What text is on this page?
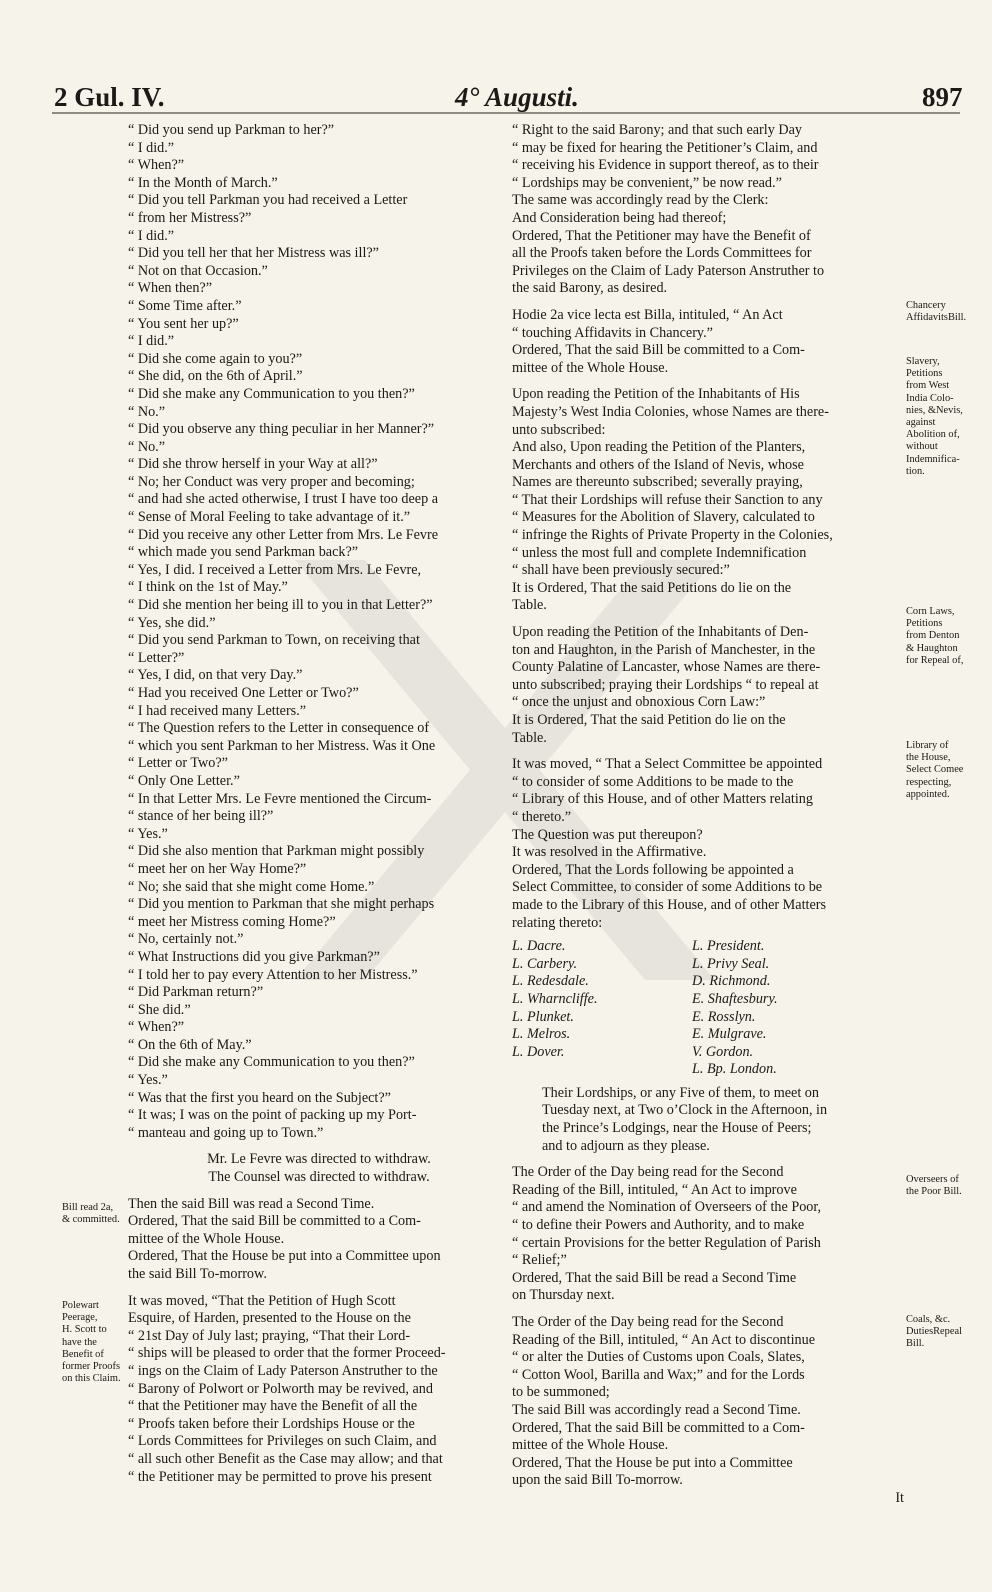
2 Gul. IV.	4° Augusti.	897
“ Did you send up Parkman to her?”
“ I did.”
“ When?”
“ In the Month of March.”
“ Did you tell Parkman you had received a Letter
“ from her Mistress?”
“ I did.”
“ Did you tell her that her Mistress was ill?”
“ Not on that Occasion.”
“ When then?”
“ Some Time after.”
“ You sent her up?”
“ I did.”
“ Did she come again to you?”
“ She did, on the 6th of April.”
“ Did she make any Communication to you then?”
“ No.”
“ Did you observe any thing peculiar in her Manner?”
“ No.”
“ Did she throw herself in your Way at all?”
“ No; her Conduct was very proper and becoming;
“ and had she acted otherwise, I trust I have too deep a
“ Sense of Moral Feeling to take advantage of it.”
“ Did you receive any other Letter from Mrs. Le Fevre
“ which made you send Parkman back?”
“ Yes, I did. I received a Letter from Mrs. Le Fevre,
“ I think on the 1st of May.”
“ Did she mention her being ill to you in that Letter?”
“ Yes, she did.”
“ Did you send Parkman to Town, on receiving that
“ Letter?”
“ Yes, I did, on that very Day.”
“ Had you received One Letter or Two?”
“ I had received many Letters.”
“ The Question refers to the Letter in consequence of
“ which you sent Parkman to her Mistress. Was it One
“ Letter or Two?”
“ Only One Letter.”
“ In that Letter Mrs. Le Fevre mentioned the Circum-
“ stance of her being ill?”
“ Yes.”
“ Did she also mention that Parkman might possibly
“ meet her on her Way Home?”
“ No; she said that she might come Home.”
“ Did you mention to Parkman that she might perhaps
“ meet her Mistress coming Home?”
“ No, certainly not.”
“ What Instructions did you give Parkman?”
“ I told her to pay every Attention to her Mistress.”
“ Did Parkman return?”
“ She did.”
“ When?”
“ On the 6th of May.”
“ Did she make any Communication to you then?”
“ Yes.”
“ Was that the first you heard on the Subject?”
“ It was; I was on the point of packing up my Port-
“ manteau and going up to Town.”
Mr. Le Fevre was directed to withdraw.
The Counsel was directed to withdraw.
Then the said Bill was read a Second Time.
Ordered, That the said Bill be committed to a Com-
mittee of the Whole House.
Ordered, That the House be put into a Committee upon
the said Bill To-morrow.
It was moved, “That the Petition of Hugh Scott
Esquire, of Harden, presented to the House on the
“ 21st Day of July last; praying, “That their Lord-
“ ships will be pleased to order that the former Proceed-
“ ings on the Claim of Lady Paterson Anstruther to the
“ Barony of Polwort or Polworth may be revived, and
“ that the Petitioner may have the Benefit of all the
“ Proofs taken before their Lordships House or the
“ Lords Committees for Privileges on such Claim, and
“ all such other Benefit as the Case may allow; and that
“ the Petitioner may be permitted to prove his present
“ Right to the said Barony; and that such early Day
“ may be fixed for hearing the Petitioner’s Claim, and
“ receiving his Evidence in support thereof, as to their
“ Lordships may be convenient,” be now read.”
The same was accordingly read by the Clerk:
And Consideration being had thereof;
Ordered, That the Petitioner may have the Benefit of
all the Proofs taken before the Lords Committees for
Privileges on the Claim of Lady Paterson Anstruther to
the said Barony, as desired.
Hodie 2a vice lecta est Billa, intituled, “ An Act
“ touching Affidavits in Chancery.”
Ordered, That the said Bill be committed to a Com-
mittee of the Whole House.
Upon reading the Petition of the Inhabitants of His
Majesty’s West India Colonies, whose Names are there-
unto subscribed:
And also, Upon reading the Petition of the Planters,
Merchants and others of the Island of Nevis, whose
Names are thereunto subscribed; severally praying,
“ That their Lordships will refuse their Sanction to any
“ Measures for the Abolition of Slavery, calculated to
“ infringe the Rights of Private Property in the Colonies,
“ unless the most full and complete Indemnification
“ shall have been previously secured:”
It is Ordered, That the said Petitions do lie on the
Table.
Upon reading the Petition of the Inhabitants of Den-
ton and Haughton, in the Parish of Manchester, in the
County Palatine of Lancaster, whose Names are there-
unto subscribed; praying their Lordships “ to repeal at
“ once the unjust and obnoxious Corn Law:”
It is Ordered, That the said Petition do lie on the
Table.
It was moved, “ That a Select Committee be appointed
“ to consider of some Additions to be made to the
“ Library of this House, and of other Matters relating
“ thereto.”
The Question was put thereupon?
It was resolved in the Affirmative.
Ordered, That the Lords following be appointed a
Select Committee, to consider of some Additions to be
made to the Library of this House, and of other Matters
relating thereto:
L. Dacre.
L. Carbery.
L. Redesdale.
L. Wharncliffe.
L. Plunket.
L. Melros.
L. Dover.
L. President.
L. Privy Seal.
D. Richmond.
E. Shaftesbury.
E. Rosslyn.
E. Mulgrave.
V. Gordon.
L. Bp. London.
Their Lordships, or any Five of them, to meet on
Tuesday next, at Two o’Clock in the Afternoon, in
the Prince’s Lodgings, near the House of Peers;
and to adjourn as they please.
The Order of the Day being read for the Second
Reading of the Bill, intituled, “ An Act to improve
“ and amend the Nomination of Overseers of the Poor,
“ to define their Powers and Authority, and to make
“ certain Provisions for the better Regulation of Parish
“ Relief;”
Ordered, That the said Bill be read a Second Time
on Thursday next.
The Order of the Day being read for the Second
Reading of the Bill, intituled, “ An Act to discontinue
“ or alter the Duties of Customs upon Coals, Slates,
“ Cotton Wool, Barilla and Wax;” and for the Lords
to be summoned;
The said Bill was accordingly read a Second Time.
Ordered, That the said Bill be committed to a Com-
mittee of the Whole House.
Ordered, That the House be put into a Committee
upon the said Bill To-morrow.
It
Bill read 2a,
& committed.
Polewart
Peerage,
H. Scott to
have the
Benefit of
former Proofs
on this Claim.
Chancery
AffidavitsBill.
Slavery,
Petitions
from West
India Colo-
nies, &Nevis,
against
Abolition of,
without
Indemnifica-
tion.
Corn Laws,
Petitions
from Denton
& Haughton
for Repeal of,
Library of
the House,
Select Comee
respecting,
appointed.
Overseers of
the Poor Bill.
Coals, &c.
DutiesRepeal
Bill.
